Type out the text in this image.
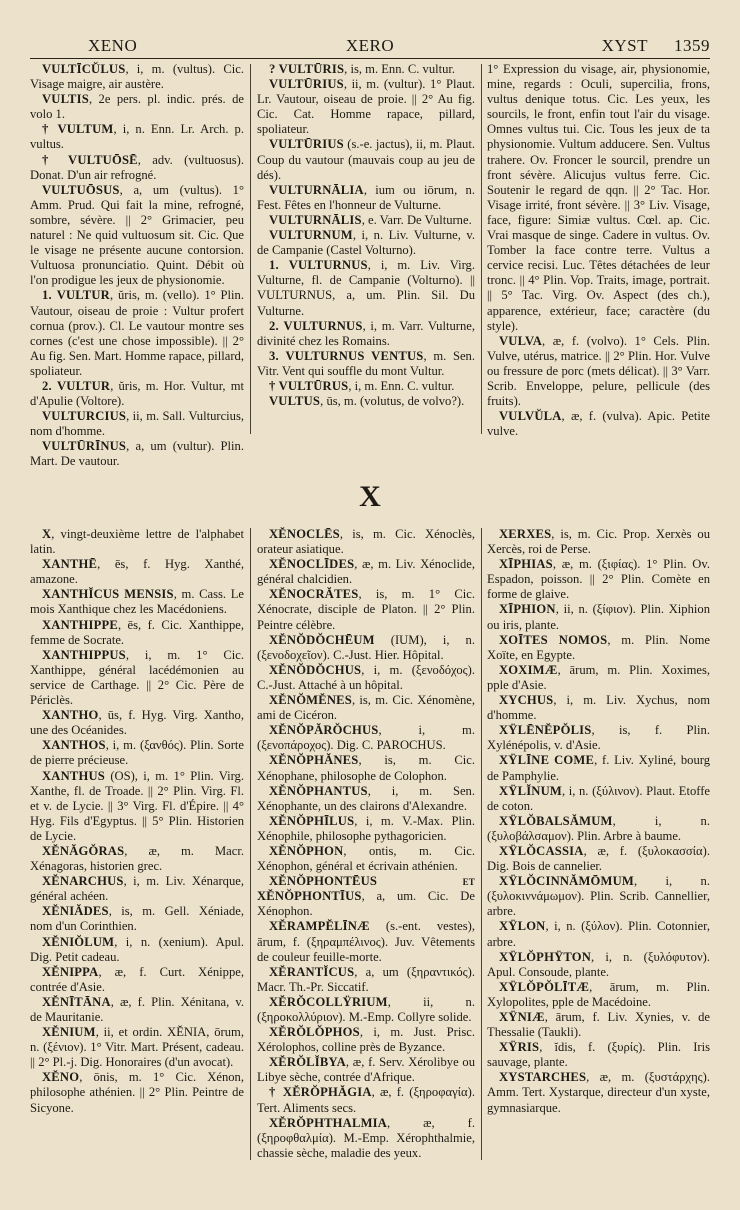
XENO	XERO	XYST 1359

VULTĪCŬLUS, i, m. (vultus). Cic. Visage maigre, air austère.

VULTIS, 2e pers. pl. indic. prés. de volo 1.

† VULTUM, i, n. Enn. Lr. Arch. p. vultus.

† VULTUŌSĒ, adv. (vultuosus). Donat. D'un air refrogné.

VULTUŌSUS, a, um (vultus). 1° Amm. Prud. Qui fait la mine, refrogné, sombre, sévère. || 2° Grimacier, peu naturel : Ne quid vultuosum sit. Cic. Que le visage ne présente aucune contorsion. Vultuosa pronunciatio. Quint. Débit où l'on prodigue les jeux de physionomie.

1. VULTUR, ŭris, m. (vello). 1° Plin. Vautour, oiseau de proie : Vultur profert cornua (prov.). Cl. Le vautour montre ses cornes (c'est une chose impossible). || 2° Au fig. Sen. Mart. Homme rapace, pillard, spoliateur.

2. VULTUR, ŭris, m. Hor. Vultur, mt d'Apulie (Voltore).

VULTURCIUS, ii, m. Sall. Vulturcius, nom d'homme.

VULTŪRĪNUS, a, um (vultur). Plin. Mart. De vautour.

? VULTŪRIS, is, m. Enn. C. vultur.

VULTŪRIUS, ii, m. (vultur). 1° Plaut. Lr. Vautour, oiseau de proie. || 2° Au fig. Cic. Cat. Homme rapace, pillard, spoliateur.

VULTŪRIUS (s.-e. jactus), ii, m. Plaut. Coup du vautour (mauvais coup au jeu de dés).

VULTURNĀLIA, ium ou iōrum, n. Fest. Fêtes en l'honneur de Vulturne.

VULTURNĀLIS, e. Varr. De Vulturne.

VULTURNUM, i, n. Liv. Vulturne, v. de Campanie (Castel Volturno).

1. VULTURNUS, i, m. Liv. Virg. Vulturne, fl. de Campanie (Volturno). || VULTURNUS, a, um. Plin. Sil. Du Vulturne.

2. VULTURNUS, i, m. Varr. Vulturne, divinité chez les Romains.

3. VULTURNUS VENTUS, m. Sen. Vitr. Vent qui souffle du mont Vultur.

† VULTŪRUS, i, m. Enn. C. vultur.

VULTUS, ūs, m. (volutus, de volvo?).

1° Expression du visage, air, physionomie, mine, regards : Oculi, supercilia, frons, vultus denique totus. Cic. Les yeux, les sourcils, le front, enfin tout l'air du visage. Omnes vultus tui. Cic. Tous les jeux de ta physionomie. Vultum adducere. Sen. Vultus trahere. Ov. Froncer le sourcil, prendre un front sévère. Alicujus vultus ferre. Cic. Soutenir le regard de qqn. || 2° Tac. Hor. Visage irrité, front sévère. || 3° Liv. Visage, face, figure: Simiæ vultus. Cœl. ap. Cic. Vrai masque de singe. Cadere in vultus. Ov. Tomber la face contre terre. Vultus a cervice recisi. Luc. Têtes détachées de leur tronc. || 4° Plin. Vop. Traits, image, portrait. || 5° Tac. Virg. Ov. Aspect (des ch.), apparence, extérieur, face; caractère (du style).

VULVA, æ, f. (volvo). 1° Cels. Plin. Vulve, utérus, matrice. || 2° Plin. Hor. Vulve ou fressure de porc (mets délicat). || 3° Varr. Scrib. Enveloppe, pelure, pellicule (des fruits).

VULVŬLA, æ, f. (vulva). Apic. Petite vulve.

X

X, vingt-deuxième lettre de l'alphabet latin.

XANTHĒ, ēs, f. Hyg. Xanthé, amazone.

XANTHĬCUS MENSIS, m. Cass. Le mois Xanthique chez les Macédoniens.

XANTHIPPE, ēs, f. Cic. Xanthippe, femme de Socrate.

XANTHIPPUS, i, m. 1° Cic. Xanthippe, général lacédémonien au service de Carthage. || 2° Cic. Père de Périclès.

XANTHO, ūs, f. Hyg. Virg. Xantho, une des Océanides.

XANTHOS, i, m. (ξανθός). Plin. Sorte de pierre précieuse.

XANTHUS (OS), i, m. 1° Plin. Virg. Xanthe, fl. de Troade. || 2° Plin. Virg. Fl. et v. de Lycie. || 3° Virg. Fl. d'Épire. || 4° Hyg. Fils d'Egyptus. || 5° Plin. Historien de Lycie.

XĔNĂGŎRAS, æ, m. Macr. Xénagoras, historien grec.

XĔNARCHUS, i, m. Liv. Xénarque, général achéen.

XĔNIĂDES, is, m. Gell. Xéniade, nom d'un Corinthien.

XĔNIŎLUM, i, n. (xenium). Apul. Dig. Petit cadeau.

XĔNIPPA, æ, f. Curt. Xénippe, contrée d'Asie.

XĔNĪTĀNA, æ, f. Plin. Xénitana, v. de Mauritanie.

XĔNIUM, ii, et ordin. XĔNIA, ōrum, n. (ξένιον). 1° Vitr. Mart. Présent, cadeau. || 2° Pl.-j. Dig. Honoraires (d'un avocat).

XĔNO, ōnis, m. 1° Cic. Xénon, philosophe athénien. || 2° Plin. Peintre de Sicyone.

XĔNOCLĒS, is, m. Cic. Xénoclès, orateur asiatique.

XĔNOCLĪDES, æ, m. Liv. Xénoclide, général chalcidien.

XĔNOCRĂTES, is, m. 1° Cic. Xénocrate, disciple de Platon. || 2° Plin. Peintre célèbre.

XĔNŎDŎCHĒUM (IUM), i, n. (ξενοδοχεῖον). C.-Just. Hier. Hôpital.

XĔNŎDŎCHUS, i, m. (ξενοδόχος). C.-Just. Attaché à un hôpital.

XĔNŎMĔNES, is, m. Cic. Xénomène, ami de Cicéron.

XĔNŎPĂRŎCHUS, i, m. (ξενοπάροχος). Dig. C. PAROCHUS.

XĔNŎPHĂNES, is, m. Cic. Xénophane, philosophe de Colophon.

XĔNŎPHANTUS, i, m. Sen. Xénophante, un des clairons d'Alexandre.

XĔNŎPHĪLUS, i, m. V.-Max. Plin. Xénophile, philosophe pythagoricien.

XĔNŎPHON, ontis, m. Cic. Xénophon, général et écrivain athénien.

XĔNŎPHONTĒUS et XĔNŎPHONTĪUS, a, um. Cic. De Xénophon.

XĔRAMPĔLĪNÆ (s.-ent. vestes), ārum, f. (ξηραμπέλινος). Juv. Vêtements de couleur feuille-morte.

XĔRANTĬCUS, a, um (ξηραντικός). Macr. Th.-Pr. Siccatif.

XĔRŎCOLLŸRIUM, ii, n. (ξηροκολλύριον). M.-Emp. Collyre solide.

XĔRŎLŎPHOS, i, m. Just. Prisc. Xérolophos, colline près de Byzance.

XĔRŎLĬBYA, æ, f. Serv. Xérolibye ou Libye sèche, contrée d'Afrique.

† XĔRŎPHĂGIA, æ, f. (ξηροφαγία). Tert. Aliments secs.

XĔRŎPHTHALMIA, æ, f. (ξηροφθαλμία). M.-Emp. Xérophthalmie, chassie sèche, maladie des yeux.

XERXES, is, m. Cic. Prop. Xerxès ou Xercès, roi de Perse.

XĪPHIAS, æ, m. (ξιφίας). 1° Plin. Ov. Espadon, poisson. || 2° Plin. Comète en forme de glaive.

XĪPHION, ii, n. (ξίφιον). Plin. Xiphion ou iris, plante.

XOĪTES NOMOS, m. Plin. Nome Xoïte, en Egypte.

XOXIMÆ, ārum, m. Plin. Xoximes, pple d'Asie.

XYCHUS, i, m. Liv. Xychus, nom d'homme.

XŸLĒNĔPŎLIS, is, f. Plin. Xylénépolis, v. d'Asie.

XŸLĪNE COME, f. Liv. Xyliné, bourg de Pamphylie.

XŸLĬNUM, i, n. (ξύλινον). Plaut. Etoffe de coton.

XŸLŎBALSĂMUM, i, n. (ξυλοβάλσαμον). Plin. Arbre à baume.

XŸLŎCASSIA, æ, f. (ξυλοκασσία). Dig. Bois de cannelier.

XŸLŎCINNĂMŌMUM, i, n. (ξυλοκιννάμωμον). Plin. Scrib. Cannellier, arbre.

XŸLON, i, n. (ξύλον). Plin. Cotonnier, arbre.

XŸLŎPHŸTON, i, n. (ξυλόφυτον). Apul. Consoude, plante.

XŸLŎPŎLĪTÆ, ārum, m. Plin. Xylopolites, pple de Macédoine.

XŸNIÆ, ārum, f. Liv. Xynies, v. de Thessalie (Taukli).

XŸRIS, ĭdis, f. (ξυρίς). Plin. Iris sauvage, plante.

XYSTARCHES, æ, m. (ξυστάρχης). Amm. Tert. Xystarque, directeur d'un xyste, gymnasiarque.
